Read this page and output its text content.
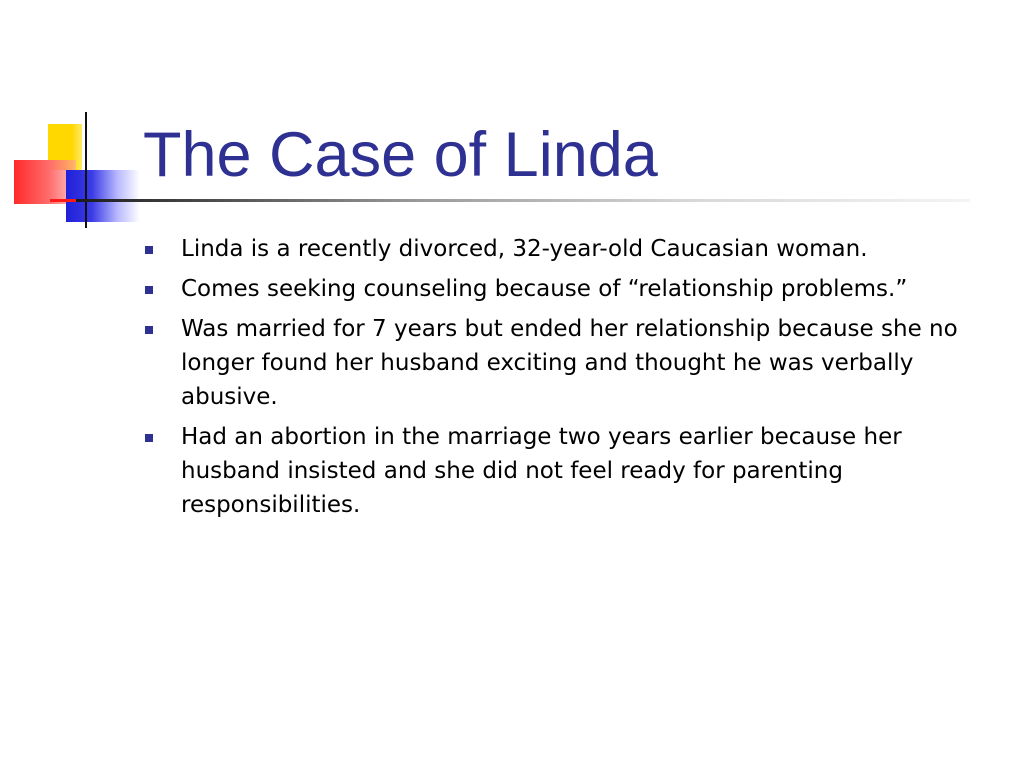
The Case of Linda
Linda is a recently divorced, 32-year-old Caucasian woman.
Comes seeking counseling because of “relationship problems.”
Was married for 7 years but ended her relationship because she no longer found her husband exciting and thought he was verbally abusive.
Had an abortion in the marriage two years earlier because her husband insisted and she did not feel ready for parenting responsibilities.
